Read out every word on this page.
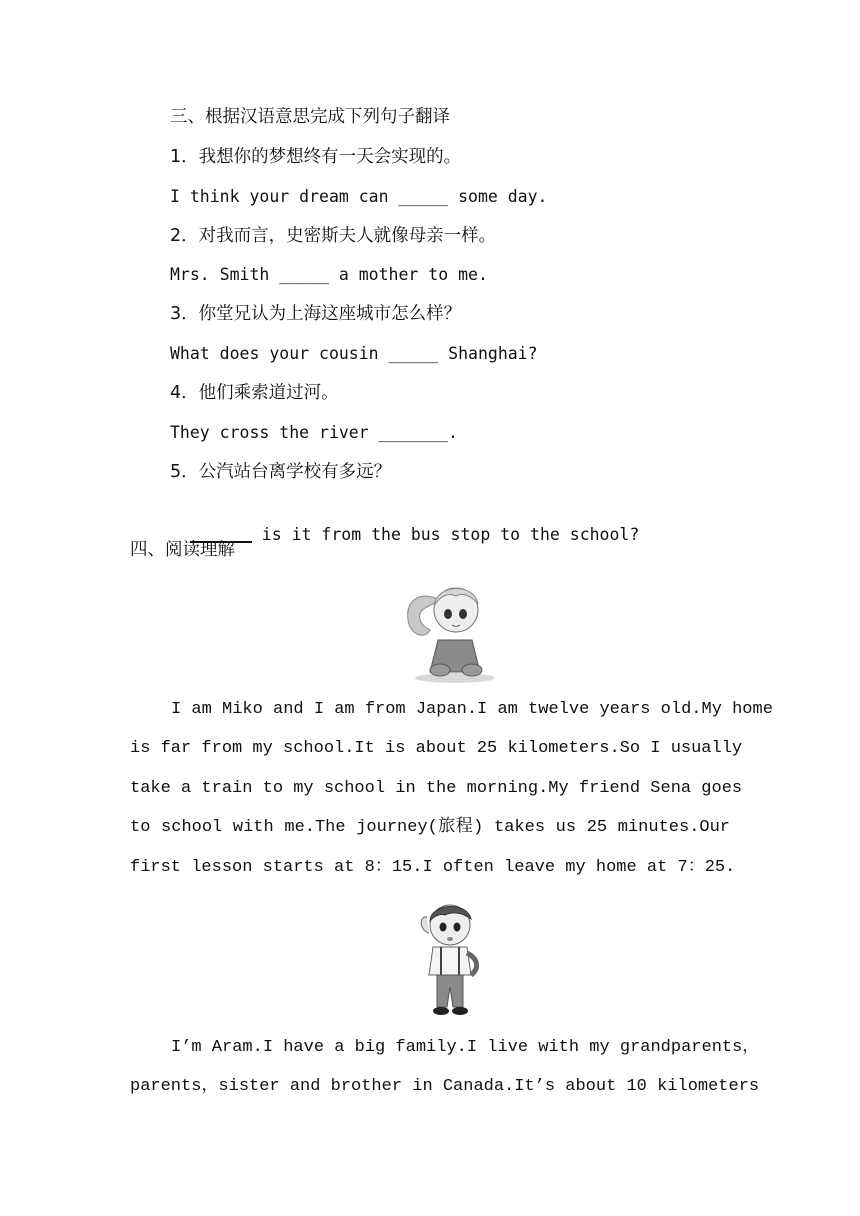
三、根据汉语意思完成下列句子翻译
1．我想你的梦想终有一天会实现的。
I think your dream can _____ some day.
2．对我而言，史密斯夫人就像母亲一样。
Mrs. Smith _____ a mother to me.
3．你堂兄认为上海这座城市怎么样？
What does your cousin _____ Shanghai?
4．他们乘索道过河。
They cross the river _______.
5．公汽站台离学校有多远？

is it from the bus stop to the school?

四、阅读理解
I am Miko and I am from Japan.I am twelve years old.My home
is far from my school.It is about 25 kilometers.So I usually
take a train to my school in the morning.My friend Sena goes
to school with me.The journey(旅程) takes us 25 minutes.Our
first lesson starts at 8：15.I often leave my home at 7：25.
I’m Aram.I have a big family.I live with my grandparents，
parents，sister and brother in Canada.It’s about 10 kilometers
